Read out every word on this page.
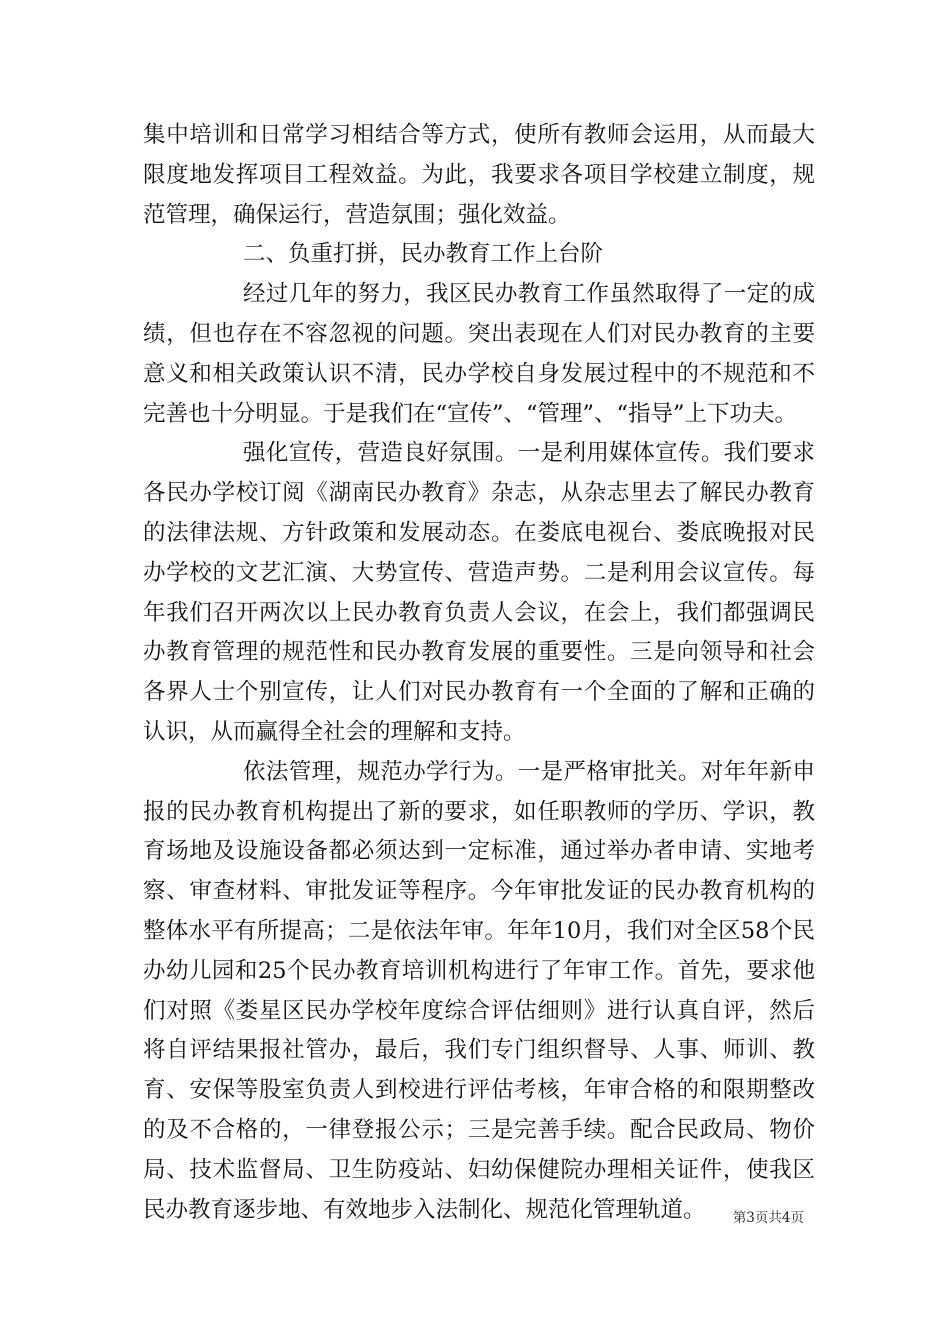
集中培训和日常学习相结合等方式，使所有教师会运用，从而最大限度地发挥项目工程效益。为此，我要求各项目学校建立制度，规范管理，确保运行，营造氛围；强化效益。

二、负重打拼，民办教育工作上台阶

经过几年的努力，我区民办教育工作虽然取得了一定的成绩，但也存在不容忽视的问题。突出表现在人们对民办教育的主要意义和相关政策认识不清，民办学校自身发展过程中的不规范和不完善也十分明显。于是我们在“宣传”、“管理”、“指导”上下功夫。

强化宣传，营造良好氛围。一是利用媒体宣传。我们要求各民办学校订阅《湖南民办教育》杂志，从杂志里去了解民办教育的法律法规、方针政策和发展动态。在娄底电视台、娄底晚报对民办学校的文艺汇演、大势宣传、营造声势。二是利用会议宣传。每年我们召开两次以上民办教育负责人会议，在会上，我们都强调民办教育管理的规范性和民办教育发展的重要性。三是向领导和社会各界人士个别宣传，让人们对民办教育有一个全面的了解和正确的认识，从而赢得全社会的理解和支持。

依法管理，规范办学行为。一是严格审批关。对年年新申报的民办教育机构提出了新的要求，如任职教师的学历、学识，教育场地及设施设备都必须达到一定标准，通过举办者申请、实地考察、审查材料、审批发证等程序。今年审批发证的民办教育机构的整体水平有所提高；二是依法年审。年年10月，我们对全区58个民办幼儿园和25个民办教育培训机构进行了年审工作。首先，要求他们对照《娄星区民办学校年度综合评估细则》进行认真自评，然后将自评结果报社管办，最后，我们专门组织督导、人事、师训、教育、安保等股室负责人到校进行评估考核，年审合格的和限期整改的及不合格的，一律登报公示；三是完善手续。配合民政局、物价局、技术监督局、卫生防疫站、妇幼保健院办理相关证件，使我区民办教育逐步地、有效地步入法制化、规范化管理轨道。	第3页共4页
